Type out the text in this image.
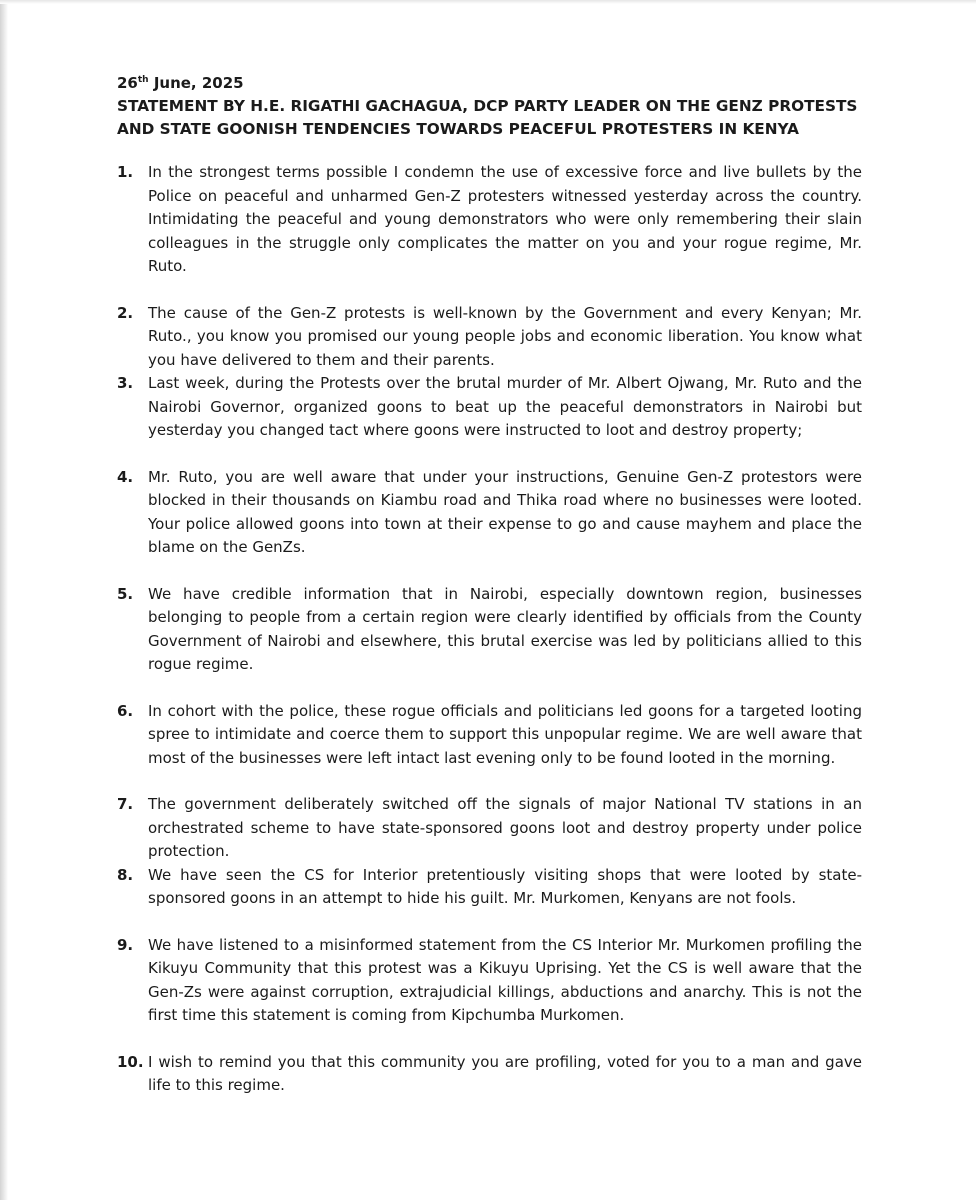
26th June, 2025
STATEMENT BY H.E. RIGATHI GACHAGUA, DCP PARTY LEADER ON THE GENZ PROTESTS AND STATE GOONISH TENDENCIES TOWARDS PEACEFUL PROTESTERS IN KENYA
1. In the strongest terms possible I condemn the use of excessive force and live bullets by the Police on peaceful and unharmed Gen-Z protesters witnessed yesterday across the country. Intimidating the peaceful and young demonstrators who were only remembering their slain colleagues in the struggle only complicates the matter on you and your rogue regime, Mr. Ruto.
2. The cause of the Gen-Z protests is well-known by the Government and every Kenyan; Mr. Ruto., you know you promised our young people jobs and economic liberation. You know what you have delivered to them and their parents.
3. Last week, during the Protests over the brutal murder of Mr. Albert Ojwang, Mr. Ruto and the Nairobi Governor, organized goons to beat up the peaceful demonstrators in Nairobi but yesterday you changed tact where goons were instructed to loot and destroy property;
4. Mr. Ruto, you are well aware that under your instructions, Genuine Gen-Z protestors were blocked in their thousands on Kiambu road and Thika road where no businesses were looted. Your police allowed goons into town at their expense to go and cause mayhem and place the blame on the GenZs.
5. We have credible information that in Nairobi, especially downtown region, businesses belonging to people from a certain region were clearly identified by officials from the County Government of Nairobi and elsewhere, this brutal exercise was led by politicians allied to this rogue regime.
6. In cohort with the police, these rogue officials and politicians led goons for a targeted looting spree to intimidate and coerce them to support this unpopular regime. We are well aware that most of the businesses were left intact last evening only to be found looted in the morning.
7. The government deliberately switched off the signals of major National TV stations in an orchestrated scheme to have state-sponsored goons loot and destroy property under police protection.
8. We have seen the CS for Interior pretentiously visiting shops that were looted by state-sponsored goons in an attempt to hide his guilt. Mr. Murkomen, Kenyans are not fools.
9. We have listened to a misinformed statement from the CS Interior Mr. Murkomen profiling the Kikuyu Community that this protest was a Kikuyu Uprising. Yet the CS is well aware that the Gen-Zs were against corruption, extrajudicial killings, abductions and anarchy. This is not the first time this statement is coming from Kipchumba Murkomen.
10. I wish to remind you that this community you are profiling, voted for you to a man and gave life to this regime.
